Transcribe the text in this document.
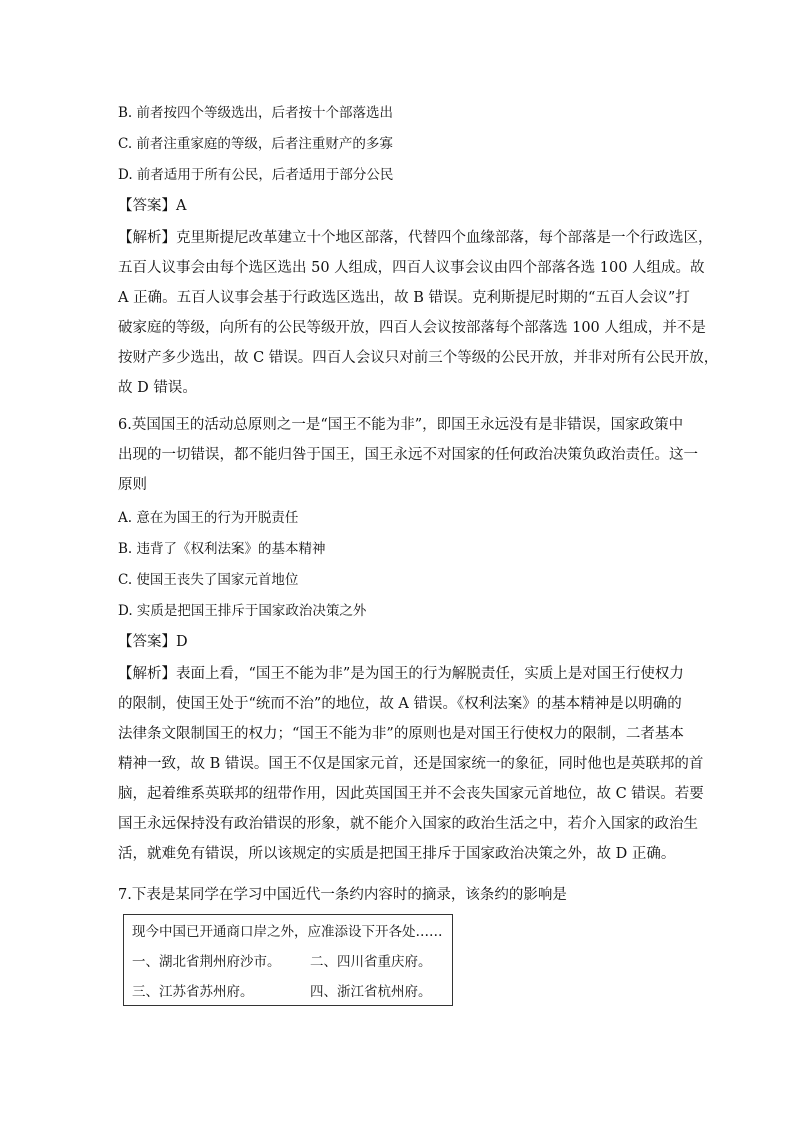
B. 前者按四个等级选出，后者按十个部落选出
C. 前者注重家庭的等级，后者注重财产的多寡
D. 前者适用于所有公民，后者适用于部分公民
【答案】A
【解析】克里斯提尼改革建立十个地区部落，代替四个血缘部落，每个部落是一个行政选区，
五百人议事会由每个选区选出 50 人组成，四百人议事会议由四个部落各选 100 人组成。故
A 正确。五百人议事会基于行政选区选出，故 B 错误。克利斯提尼时期的“五百人会议”打
破家庭的等级，向所有的公民等级开放，四百人会议按部落每个部落选 100 人组成，并不是
按财产多少选出，故 C 错误。四百人会议只对前三个等级的公民开放，并非对所有公民开放，
故 D 错误。
6.英国国王的活动总原则之一是“国王不能为非”，即国王永远没有是非错误，国家政策中
出现的一切错误，都不能归咎于国王，国王永远不对国家的任何政治决策负政治责任。这一
原则
A. 意在为国王的行为开脱责任
B. 违背了《权利法案》的基本精神
C. 使国王丧失了国家元首地位
D. 实质是把国王排斥于国家政治决策之外
【答案】D
【解析】表面上看，“国王不能为非”是为国王的行为解脱责任，实质上是对国王行使权力
的限制，使国王处于“统而不治”的地位，故 A 错误。《权利法案》的基本精神是以明确的
法律条文限制国王的权力；“国王不能为非”的原则也是对国王行使权力的限制，二者基本
精神一致，故 B 错误。国王不仅是国家元首，还是国家统一的象征，同时他也是英联邦的首
脑，起着维系英联邦的纽带作用，因此英国国王并不会丧失国家元首地位，故 C 错误。若要
国王永远保持没有政治错误的形象，就不能介入国家的政治生活之中，若介入国家的政治生
活，就难免有错误，所以该规定的实质是把国王排斥于国家政治决策之外，故 D 正确。
7.下表是某同学在学习中国近代一条约内容时的摘录，该条约的影响是
现今中国已开通商口岸之外，应准添设下开各处……	
一、湖北省荆州府沙市。	二、四川省重庆府。
三、江苏省苏州府。	四、浙江省杭州府。
